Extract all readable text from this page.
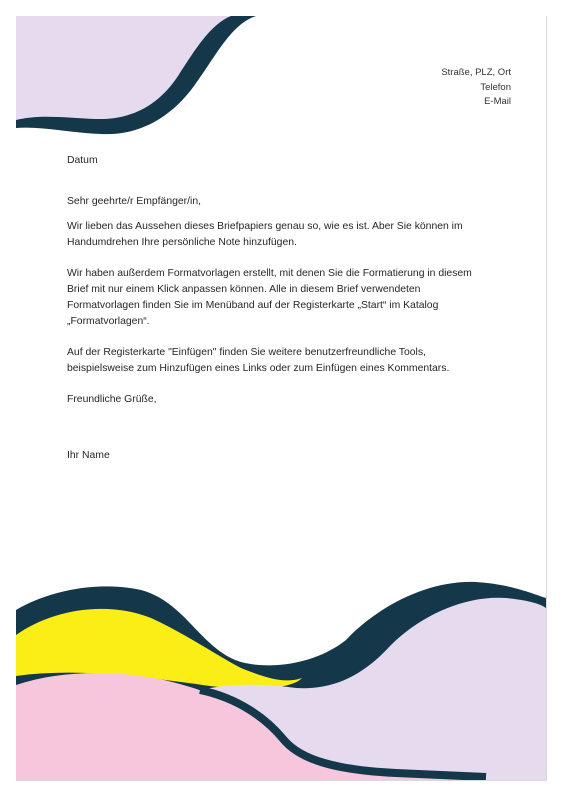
Straße, PLZ, Ort
Telefon
E-Mail

Datum

Sehr geehrte/r Empfänger/in,

Wir lieben das Aussehen dieses Briefpapiers genau so, wie es ist. Aber Sie können im Handumdrehen Ihre persönliche Note hinzufügen.

Wir haben außerdem Formatvorlagen erstellt, mit denen Sie die Formatierung in diesem Brief mit nur einem Klick anpassen können. Alle in diesem Brief verwendeten Formatvorlagen finden Sie im Menüband auf der Registerkarte „Start“ im Katalog „Formatvorlagen“.

Auf der Registerkarte "Einfügen" finden Sie weitere benutzerfreundliche Tools, beispielsweise zum Hinzufügen eines Links oder zum Einfügen eines Kommentars.

Freundliche Grüße,

Ihr Name
